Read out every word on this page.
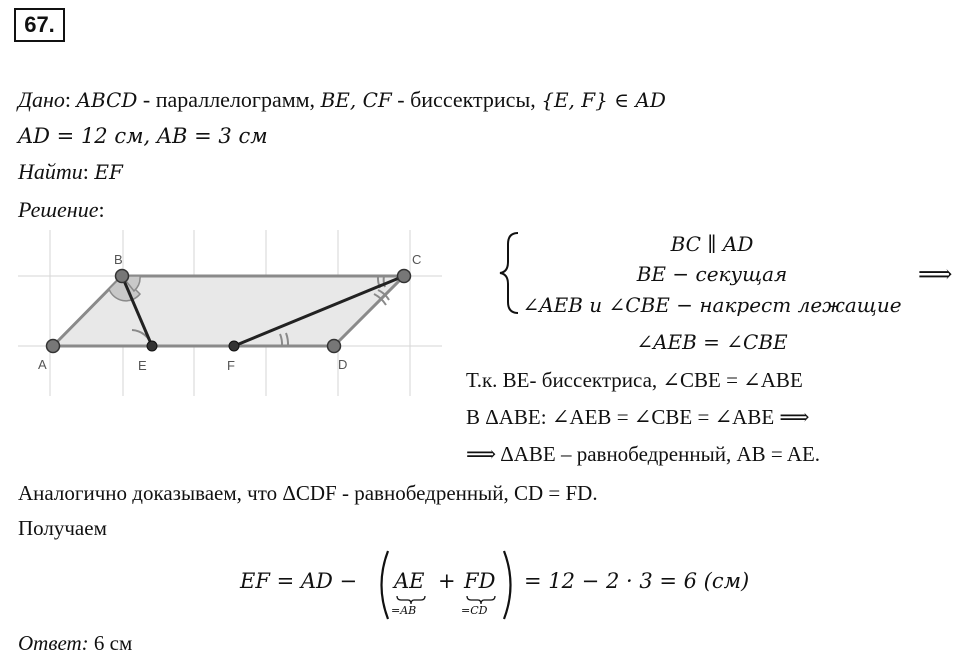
67.
Дано: ABCD - параллелограмм, BE, CF - биссектрисы, {E, F} ∈ AD
AD = 12 см, AB = 3 см
Найти: EF
Решение:
A
B	C
D
E	F
BC ∥ AD
BE − секущая
∠AEB и ∠CBE − накрест лежащие
⟹
∠AEB = ∠CBE
Т.к. BE- биссектриса, ∠CBE = ∠ABE
В ΔABE: ∠AEB = ∠CBE = ∠ABE ⟹
⟹ ΔABE – равнобедренный, AB = AE.
Аналогично доказываем, что ΔCDF - равнобедренный, CD = FD.
Получаем
EF = AD − AE
=AB
+ FD
=CD
= 12 − 2 · 3 = 6 (см)
Ответ: 6 см
